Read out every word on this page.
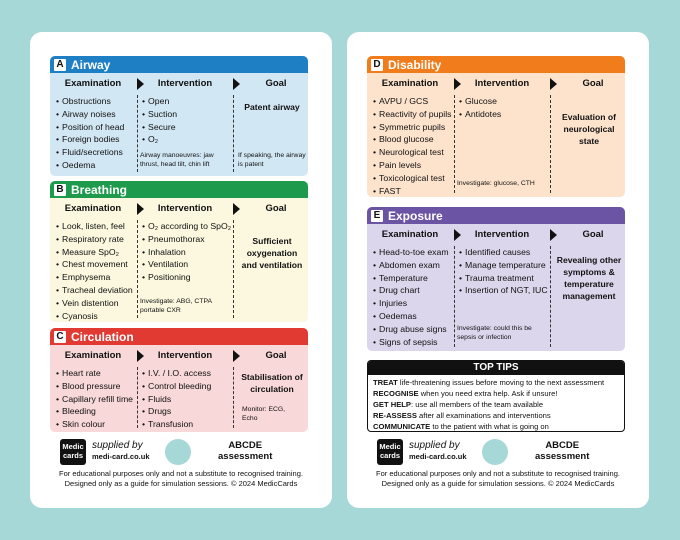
A Airway
Examination	Intervention	Goal
• Obstructions
• Airway noises
• Position of head
• Foreign bodies
• Fluid/secretions
• Oedema
• Open
• Suction
• Secure
• O₂
Airway manoeuvres: jaw thrust, head tilt, chin lift
Patent airway
If speaking, the airway is patent
B Breathing
Examination	Intervention	Goal
• Look, listen, feel
• Respiratory rate
• Measure SpO₂
• Chest movement
• Emphysema
• Tracheal deviation
• Vein distention
• Cyanosis
• O₂ according to SpO₂
• Pneumothorax
• Inhalation
• Ventilation
• Positioning
Investigate: ABG, CTPA portable CXR
Sufficient oxygenation and ventilation
C Circulation
Examination	Intervention	Goal
• Heart rate
• Blood pressure
• Capillary refill time
• Bleeding
• Skin colour
• I.V. / I.O. access
• Control bleeding
• Fluids
• Drugs
• Transfusion
Stabilisation of circulation
Monitor: ECG, Echo
Medic
cards
supplied by
medi-card.co.uk
ABCDE
assessment
For educational purposes only and not a substitute to recognised training.
Designed only as a guide for simulation sessions. © 2024 MedicCards
D Disability
Examination	Intervention	Goal
• AVPU / GCS
• Reactivity of pupils
• Symmetric pupils
• Blood glucose
• Neurological test
• Pain levels
• Toxicological test
• FAST
• Glucose
• Antidotes
Investigate: glucose, CTH
Evaluation of neurological state
E Exposure
Examination	Intervention	Goal
• Head-to-toe exam
• Abdomen exam
• Temperature
• Drug chart
• Injuries
• Oedemas
• Drug abuse signs
• Signs of sepsis
• Identified causes
• Manage temperature
• Trauma treatment
• Insertion of NGT, IUC
Investigate: could this be sepsis or infection
Revealing other symptoms & temperature management
TOP TIPS
TREAT life-threatening issues before moving to the next assessment
RECOGNISE when you need extra help. Ask if unsure!
GET HELP: use all members of the team available
RE-ASSESS after all examinations and interventions
COMMUNICATE to the patient with what is going on
Medic
cards
supplied by
medi-card.co.uk
ABCDE
assessment
For educational purposes only and not a substitute to recognised training.
Designed only as a guide for simulation sessions. © 2024 MedicCards
